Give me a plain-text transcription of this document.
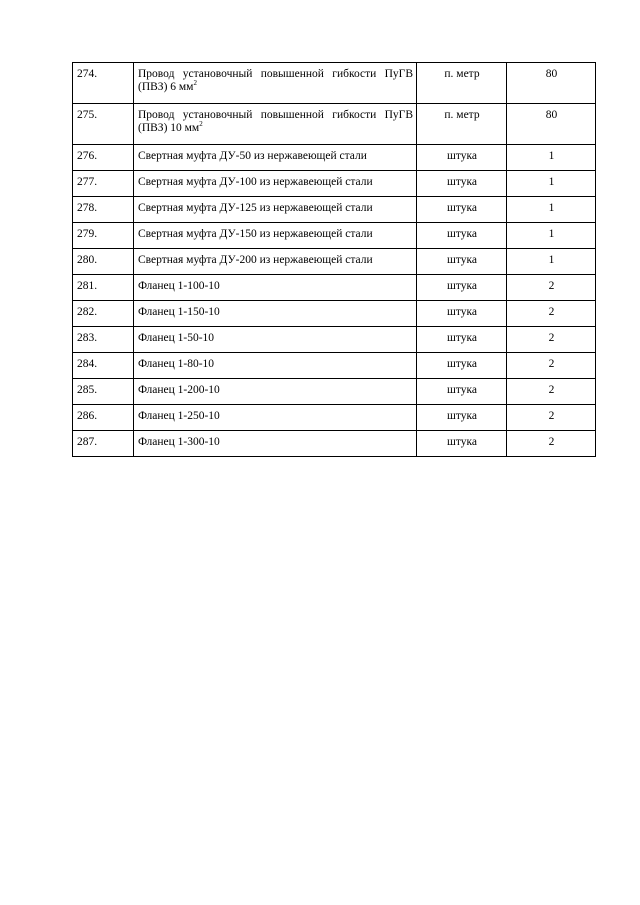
274.	Провод установочный повышенной гибкости ПуГВ (ПВЗ) 6 $мм^2$	п. метр	80
275.	Провод установочный повышенной гибкости ПуГВ (ПВЗ) 10 $мм^2$	п. метр	80
276.	Свертная муфта ДУ-50 из нержавеющей стали	штука	1
277.	Свертная муфта ДУ-100 из нержавеющей стали	штука	1
278.	Свертная муфта ДУ-125 из нержавеющей стали	штука	1
279.	Свертная муфта ДУ-150 из нержавеющей стали	штука	1
280.	Свертная муфта ДУ-200 из нержавеющей стали	штука	1
281.	Фланец 1-100-10	штука	2
282.	Фланец 1-150-10	штука	2
283.	Фланец 1-50-10	штука	2
284.	Фланец 1-80-10	штука	2
285.	Фланец 1-200-10	штука	2
286.	Фланец 1-250-10	штука	2
287.	Фланец 1-300-10	штука	2
